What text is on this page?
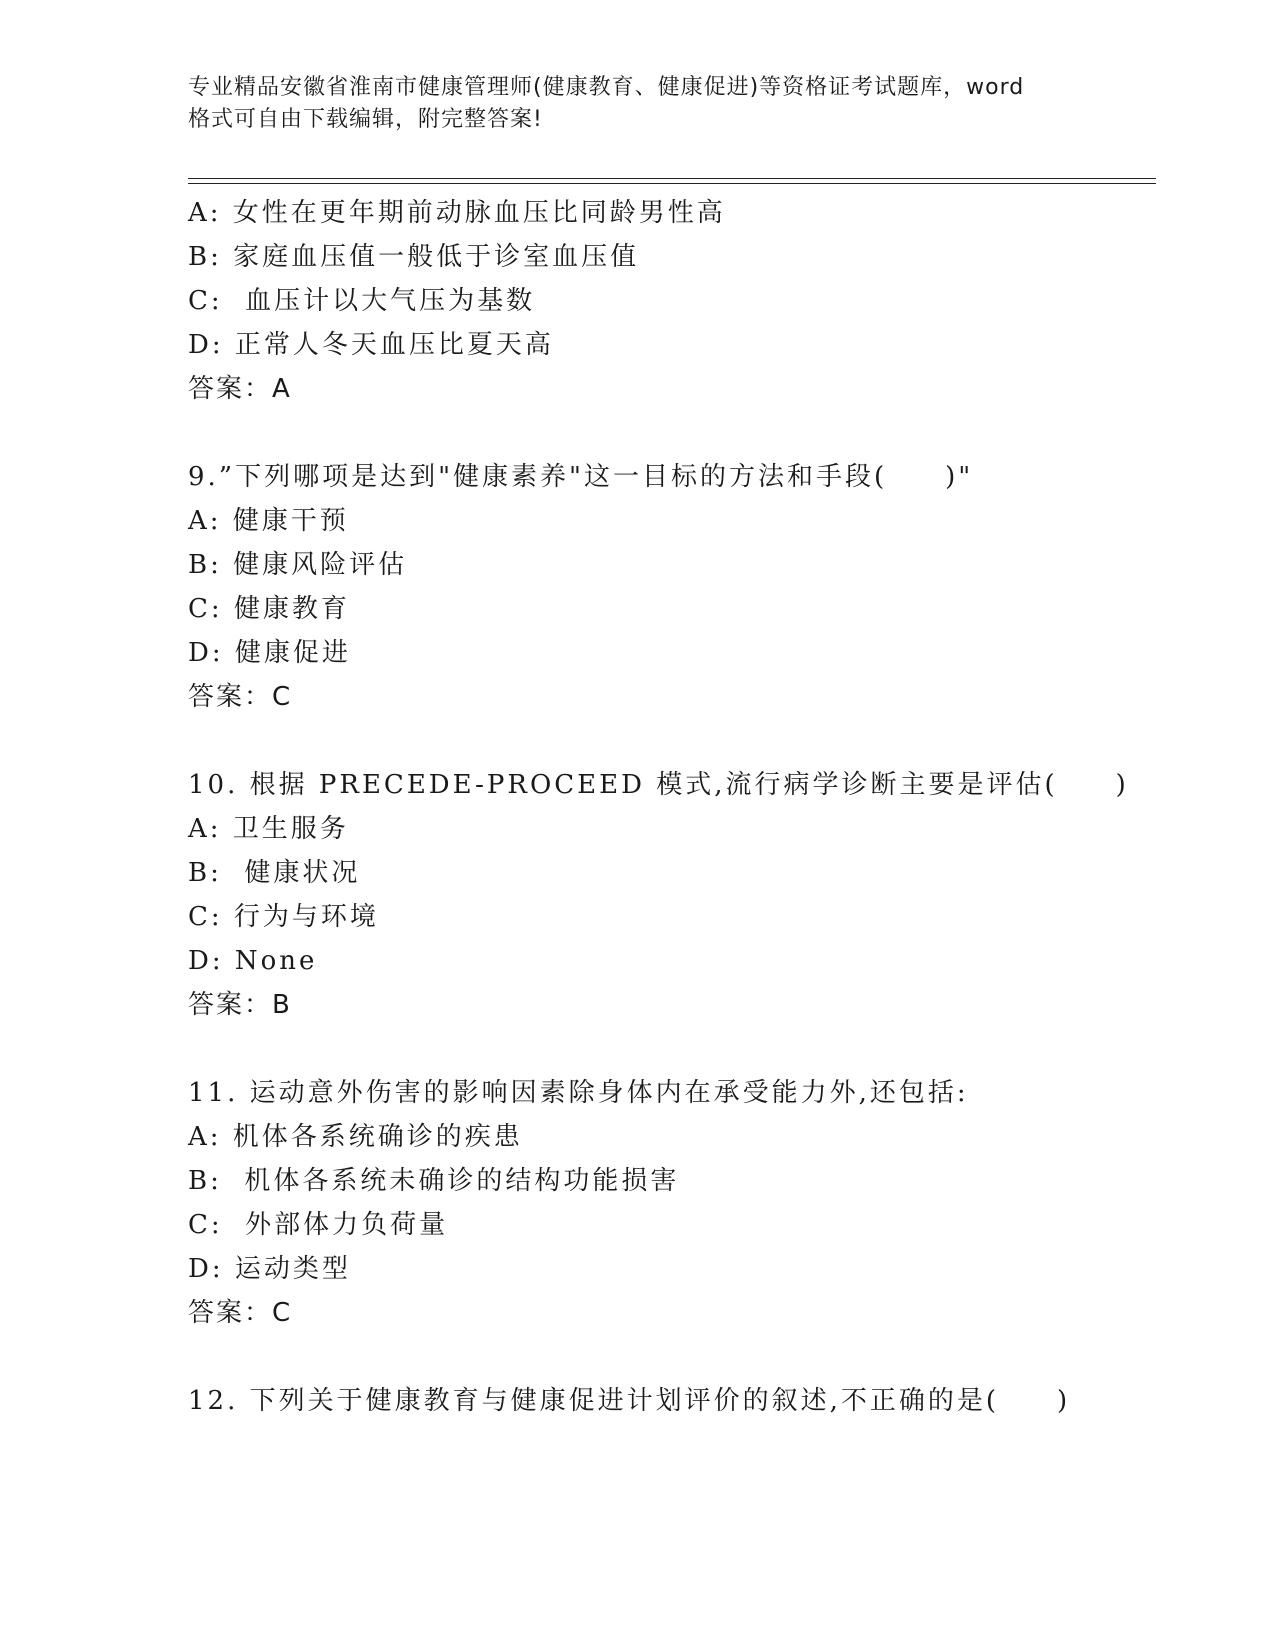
专业精品安徽省淮南市健康管理师(健康教育、健康促进)等资格证考试题库，word
格式可自由下载编辑，附完整答案!
A: 女性在更年期前动脉血压比同龄男性高
B: 家庭血压值一般低于诊室血压值
C:  血压计以大气压为基数
D: 正常人冬天血压比夏天高
答案：A
9.”下列哪项是达到"健康素养"这一目标的方法和手段(　　)"
A: 健康干预
B: 健康风险评估
C: 健康教育
D: 健康促进
答案：C
10. 根据 PRECEDE-PROCEED 模式,流行病学诊断主要是评估(　　)
A: 卫生服务
B:  健康状况
C: 行为与环境
D: None
答案：B
11. 运动意外伤害的影响因素除身体内在承受能力外,还包括:
A: 机体各系统确诊的疾患
B:  机体各系统未确诊的结构功能损害
C:  外部体力负荷量
D: 运动类型
答案：C
12. 下列关于健康教育与健康促进计划评价的叙述,不正确的是(　　)
